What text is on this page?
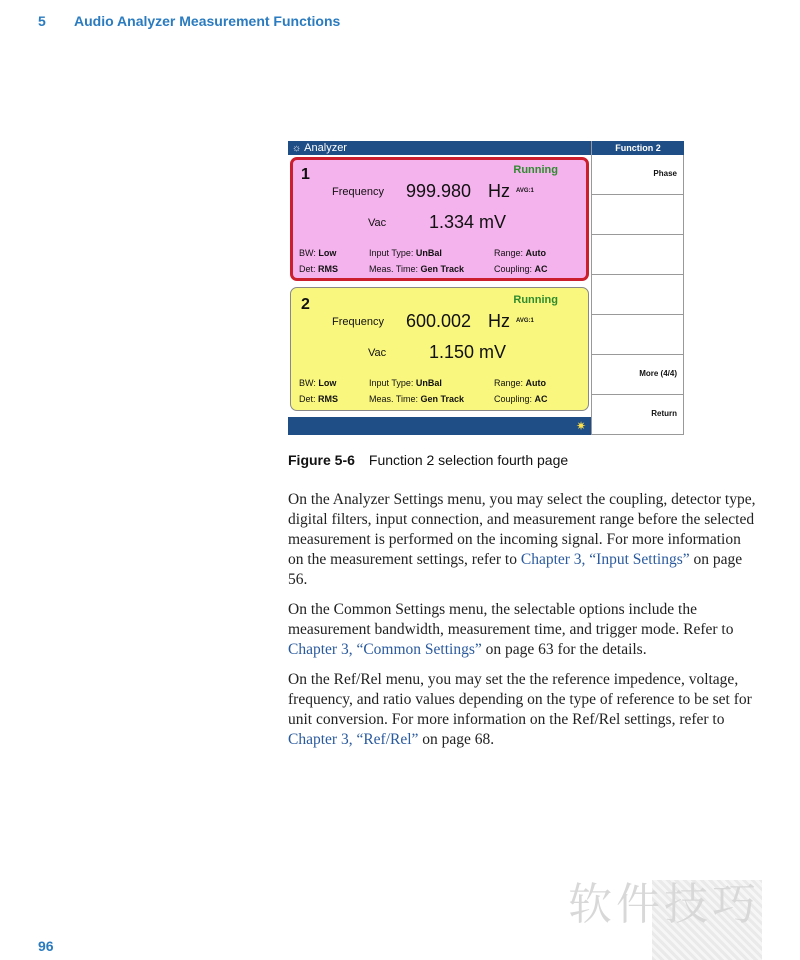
5 Audio Analyzer Measurement Functions
☼ Analyzer
1	Running
Frequency 999.980 Hz AVG:1
Vac 1.334 mV
BW: Low	Input Type: UnBal	Range: Auto
Det: RMS	Meas. Time: Gen Track	Coupling: AC
2	Running
Frequency 600.002 Hz AVG:1
Vac 1.150 mV
BW: Low	Input Type: UnBal	Range: Auto
Det: RMS	Meas. Time: Gen Track	Coupling: AC
✷
Function 2
Phase
More (4/4)
Return
Figure 5-6 Function 2 selection fourth page

On the Analyzer Settings menu, you may select the coupling, detector type, digital filters, input connection, and measurement range before the selected measurement is performed on the incoming signal. For more information on the measurement settings, refer to Chapter 3, “Input Settings” on page 56.

On the Common Settings menu, the selectable options include the measurement bandwidth, measurement time, and trigger mode. Refer to Chapter 3, “Common Settings” on page 63 for the details.

On the Ref/Rel menu, you may set the the reference impedence, voltage, frequency, and ratio values depending on the type of reference to be set for unit conversion. For more information on the Ref/Rel settings, refer to Chapter 3, “Ref/Rel” on page 68.

软件技巧
96
